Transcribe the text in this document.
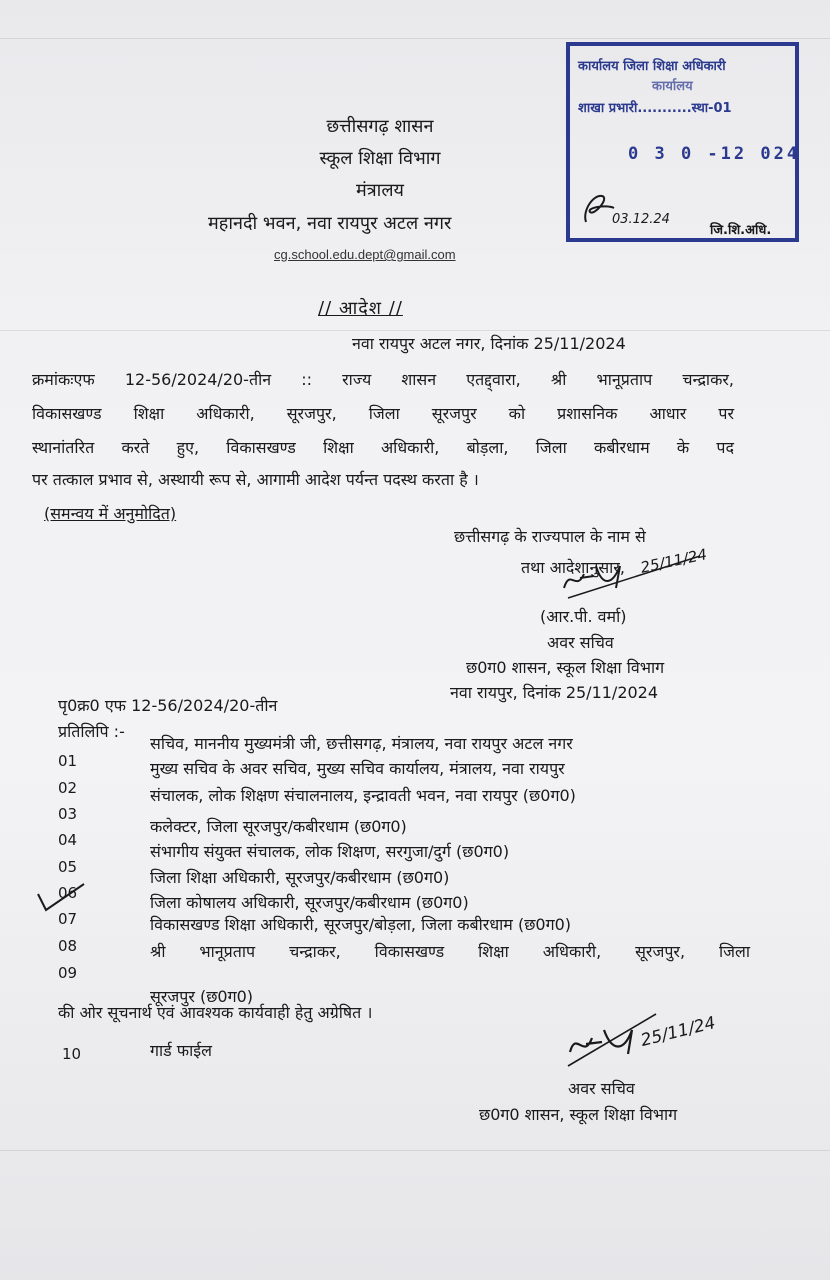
छत्तीसगढ़ शासन
स्कूल शिक्षा विभाग
मंत्रालय
महानदी भवन, नवा रायपुर अटल नगर
cg.school.edu.dept@gmail.com
कार्यालय जिला शिक्षा अधिकारी
कार्यालय
शाखा प्रभारी...........स्था-01
0 3 0 -12 024
03.12.24
जि.शि.अधि.
// आदेश //
नवा रायपुर अटल नगर, दिनांक 25/11/2024
क्रमांकःएफ 12-56/2024/20-तीन :: राज्य शासन एतद्द्वारा, श्री भानूप्रताप चन्द्राकर,
विकासखण्ड शिक्षा अधिकारी, सूरजपुर, जिला सूरजपुर को प्रशासनिक आधार पर
स्थानांतरित करते हुए, विकासखण्ड शिक्षा अधिकारी, बोड़ला, जिला कबीरधाम के पद
पर तत्काल प्रभाव से, अस्थायी रूप से, आगामी आदेश पर्यन्त पदस्थ करता है ।
(समन्वय में अनुमोदित)
छत्तीसगढ़ के राज्यपाल के नाम से
तथा आदेशानुसार, 25/11/24
(आर.पी. वर्मा)
अवर सचिव
छ0ग0 शासन, स्कूल शिक्षा विभाग
नवा रायपुर, दिनांक 25/11/2024
पृ0क्र0 एफ 12-56/2024/20-तीन
प्रतिलिपि :-
01
सचिव, माननीय मुख्यमंत्री जी, छत्तीसगढ़, मंत्रालय, नवा रायपुर अटल नगर
02
मुख्य सचिव के अवर सचिव, मुख्य सचिव कार्यालय, मंत्रालय, नवा रायपुर
03
संचालक, लोक शिक्षण संचालनालय, इन्द्रावती भवन, नवा रायपुर (छ0ग0)
04
कलेक्टर, जिला सूरजपुर/कबीरधाम (छ0ग0)
05
संभागीय संयुक्त संचालक, लोक शिक्षण, सरगुजा/दुर्ग (छ0ग0)
06
जिला शिक्षा अधिकारी, सूरजपुर/कबीरधाम (छ0ग0)
07
जिला कोषालय अधिकारी, सूरजपुर/कबीरधाम (छ0ग0)
08
विकासखण्ड शिक्षा अधिकारी, सूरजपुर/बोड़ला, जिला कबीरधाम (छ0ग0)
09
श्री भानूप्रताप चन्द्राकर, विकासखण्ड शिक्षा अधिकारी, सूरजपुर, जिला
सूरजपुर (छ0ग0)
की ओर सूचनार्थ एवं आवश्यक कार्यवाही हेतु अग्रेषित ।
10	गार्ड फाईल	25/11/24
अवर सचिव
छ0ग0 शासन, स्कूल शिक्षा विभाग
